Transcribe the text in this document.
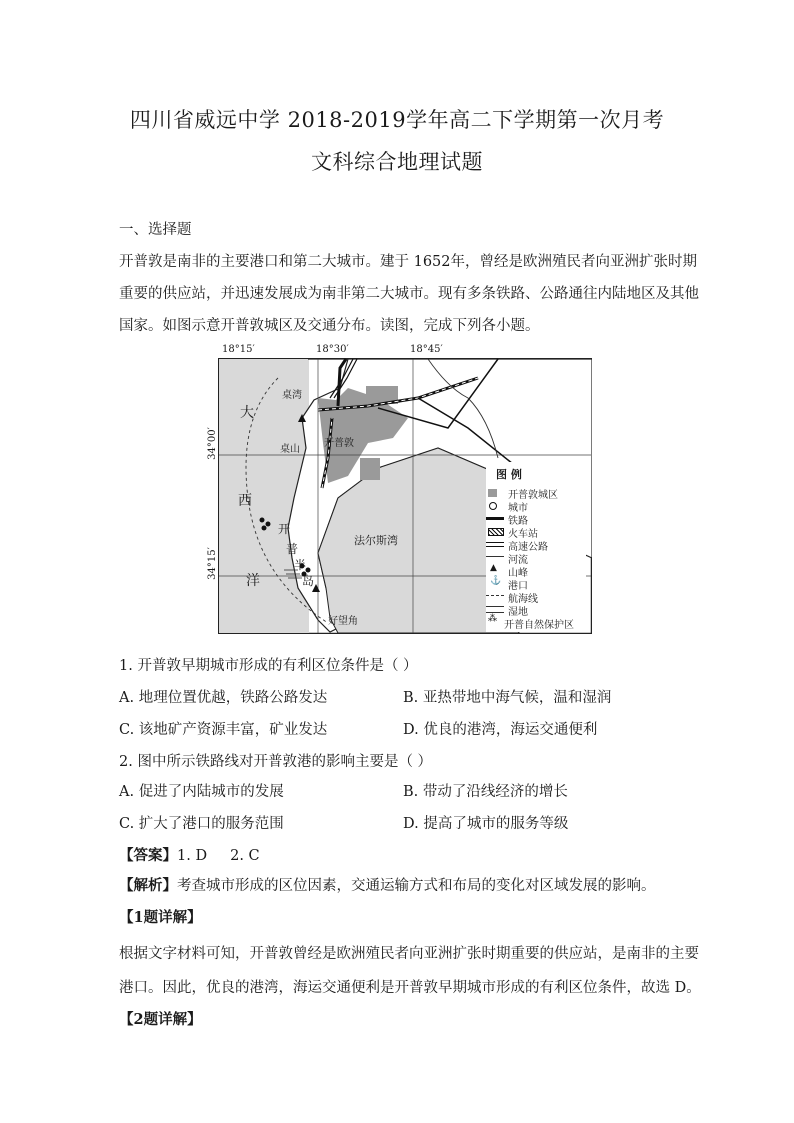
四川省威远中学 2018-2019学年高二下学期第一次月考
文科综合地理试题
一、选择题
开普敦是南非的主要港口和第二大城市。建于 1652年，曾经是欧洲殖民者向亚洲扩张时期
重要的供应站，并迅速发展成为南非第二大城市。现有多条铁路、公路通往内陆地区及其他
国家。如图示意开普敦城区及交通分布。读图，完成下列各小题。
18°15′	18°30′	18°45′
34°00′
34°15′
桌湾
桌山
开普敦
法尔斯湾
好望角
大
西
洋
开
普
半
岛
图 例
开普敦城区
城市
铁路
火车站
高速公路
河流
▲ 山峰
⚓ 港口
航海线
湿地
⁂
开普自然保护区
1. 开普敦早期城市形成的有利区位条件是（ ）
A. 地理位置优越，铁路公路发达	B. 亚热带地中海气候，温和湿润
C. 该地矿产资源丰富，矿业发达	D. 优良的港湾，海运交通便利
2. 图中所示铁路线对开普敦港的影响主要是（ ）
A. 促进了内陆城市的发展	B. 带动了沿线经济的增长
C. 扩大了港口的服务范围	D. 提高了城市的服务等级
【答案】1. D     2. C
【解析】考查城市形成的区位因素，交通运输方式和布局的变化对区域发展的影响。
【1题详解】
根据文字材料可知，开普敦曾经是欧洲殖民者向亚洲扩张时期重要的供应站，是南非的主要
港口。因此，优良的港湾，海运交通便利是开普敦早期城市形成的有利区位条件，故选 D。
【2题详解】
